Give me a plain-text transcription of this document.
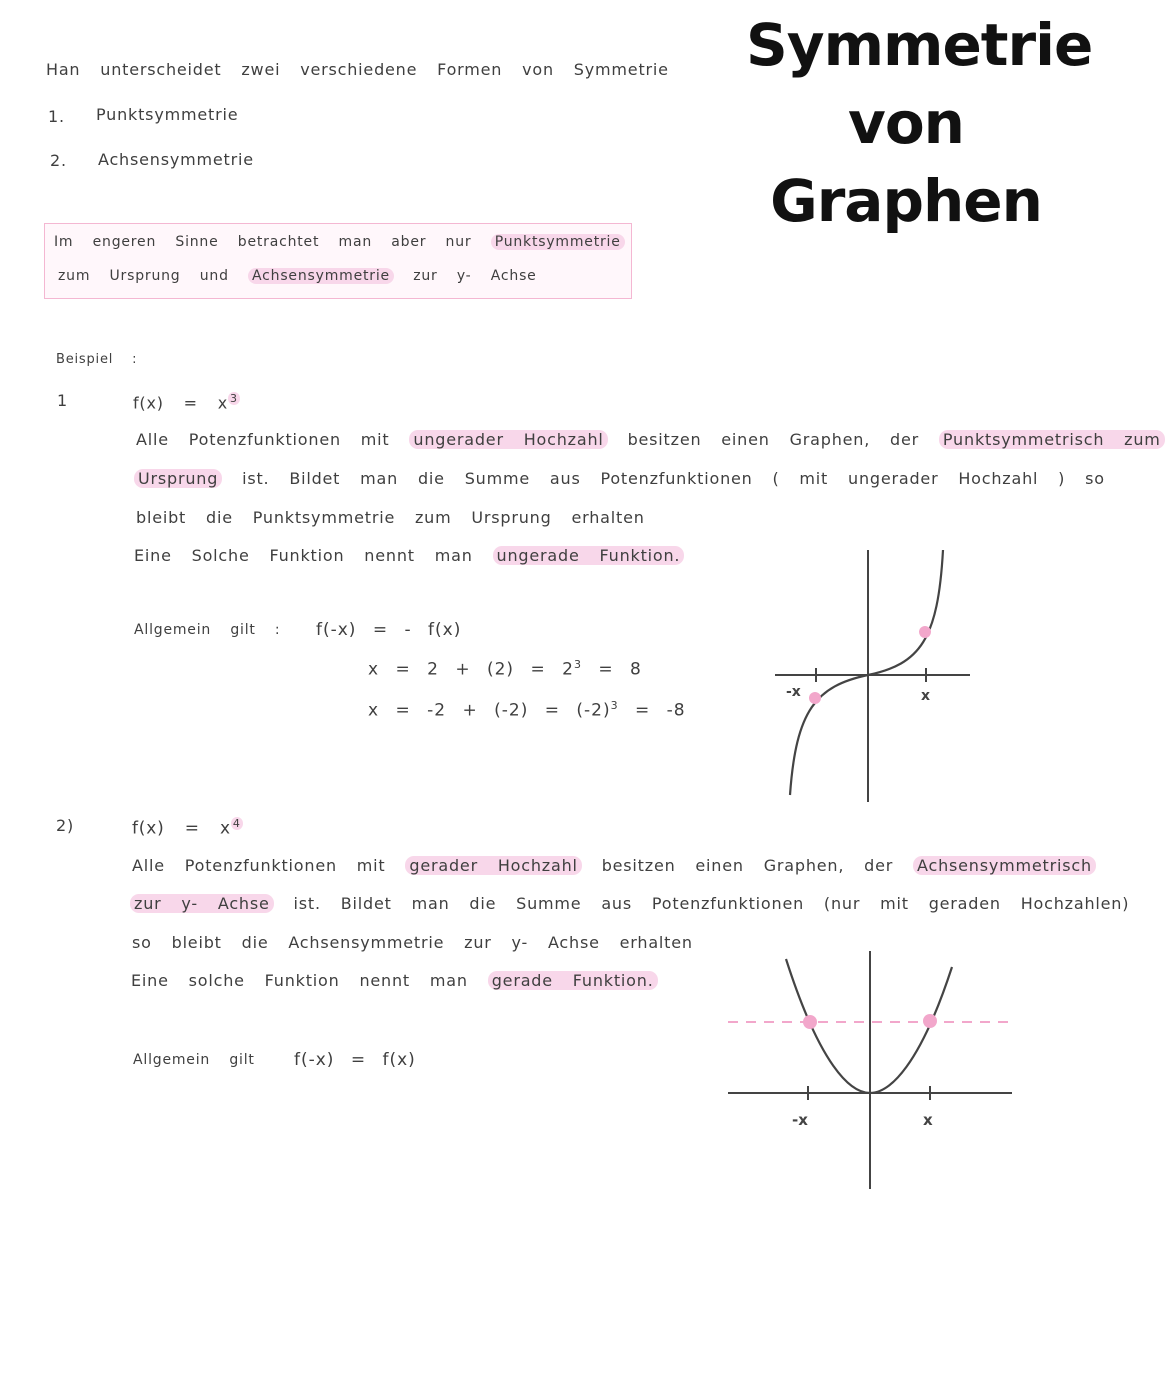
Symmetrie
von
Graphen
Han unterscheidet zwei verschiedene Formen von Symmetrie
1. Punktsymmetrie
2. Achsensymmetrie
Im engeren Sinne betrachtet man aber nur Punktsymmetrie
zum Ursprung und Achsensymmetrie zur y- Achse
Beispiel :
1	f(x) = x $^3$
Alle Potenzfunktionen mit ungerader Hochzahl besitzen einen Graphen, der Punktsymmetrisch zum
Ursprung ist. Bildet man die Summe aus Potenzfunktionen ( mit ungerader Hochzahl ) so
bleibt die Punktsymmetrie zum Ursprung erhalten
Eine Solche Funktion nennt man ungerade Funktion.
Allgemein gilt : f(-x) = - f(x)
$x = 2 + (2) = 2^3 = 8$
$x = -2 + (-2) = (-2)^3 = -8$
-x	x
2)	f(x) = x $^4$
Alle Potenzfunktionen mit gerader Hochzahl besitzen einen Graphen, der Achsensymmetrisch
zur y- Achse ist. Bildet man die Summe aus Potenzfunktionen (nur mit geraden Hochzahlen)
so bleibt die Achsensymmetrie zur y- Achse erhalten
Eine solche Funktion nennt man gerade Funktion.
Allgemein gilt f(-x) = f(x)
-x	x
